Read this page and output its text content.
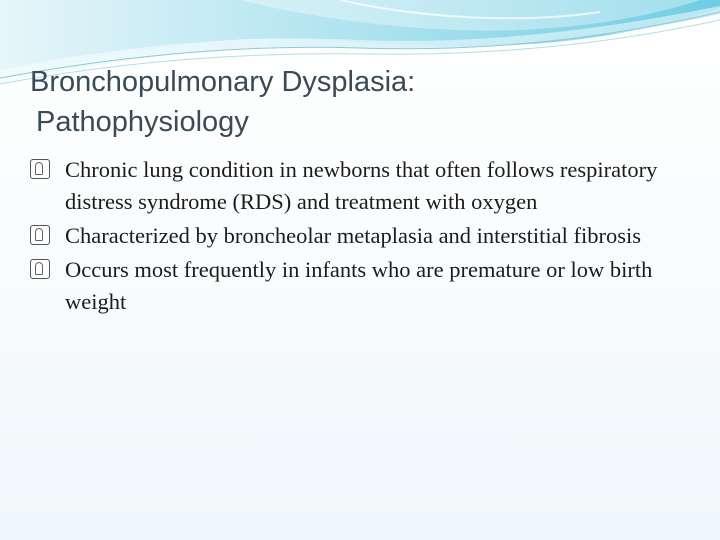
Bronchopulmonary Dysplasia:
Pathophysiology
Chronic lung condition in newborns that often follows respiratory distress syndrome (RDS) and treatment with oxygen
Characterized by broncheolar metaplasia and interstitial fibrosis
Occurs most frequently in infants who are premature or low birth weight
